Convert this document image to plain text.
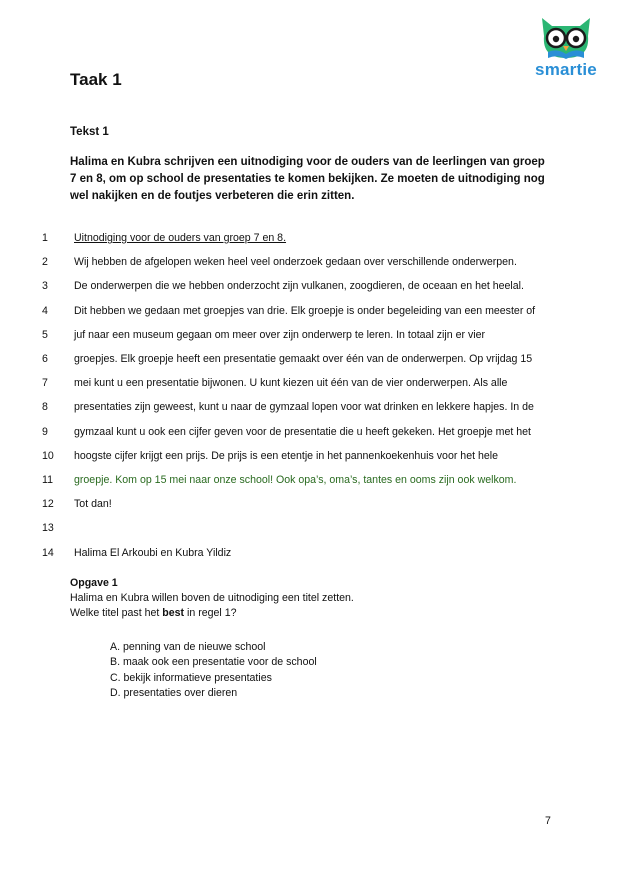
smartie
Taak 1
Tekst 1

Halima en Kubra schrijven een uitnodiging voor de ouders van de leerlingen van groep 7 en 8, om op school de presentaties te komen bekijken. Ze moeten de uitnodiging nog wel nakijken en de foutjes verbeteren die erin zitten.

1	Uitnodiging voor de ouders van groep 7 en 8.
2	Wij hebben de afgelopen weken heel veel onderzoek gedaan over verschillende onderwerpen.
3	De onderwerpen die we hebben onderzocht zijn vulkanen, zoogdieren, de oceaan en het heelal.
4	Dit hebben we gedaan met groepjes van drie. Elk groepje is onder begeleiding van een meester of
5	juf naar een museum gegaan om meer over zijn onderwerp te leren. In totaal zijn er vier
6	groepjes. Elk groepje heeft een presentatie gemaakt over één van de onderwerpen. Op vrijdag 15
7	mei kunt u een presentatie bijwonen. U kunt kiezen uit één van de vier onderwerpen. Als alle
8	presentaties zijn geweest, kunt u naar de gymzaal lopen voor wat drinken en lekkere hapjes. In de
9	gymzaal kunt u ook een cijfer geven voor de presentatie die u heeft gekeken. Het groepje met het
10	hoogste cijfer krijgt een prijs. De prijs is een etentje in het pannenkoekenhuis voor het hele
11	groepje. Kom op 15 mei naar onze school! Ook opa’s, oma’s, tantes en ooms zijn ook welkom.
12	Tot dan!
13
14	Halima El Arkoubi en Kubra Yildiz
Opgave 1
Halima en Kubra willen boven de uitnodiging een titel zetten.
Welke titel past het best in regel 1?
A. penning van de nieuwe school
B. maak ook een presentatie voor de school
C. bekijk informatieve presentaties
D. presentaties over dieren
7
